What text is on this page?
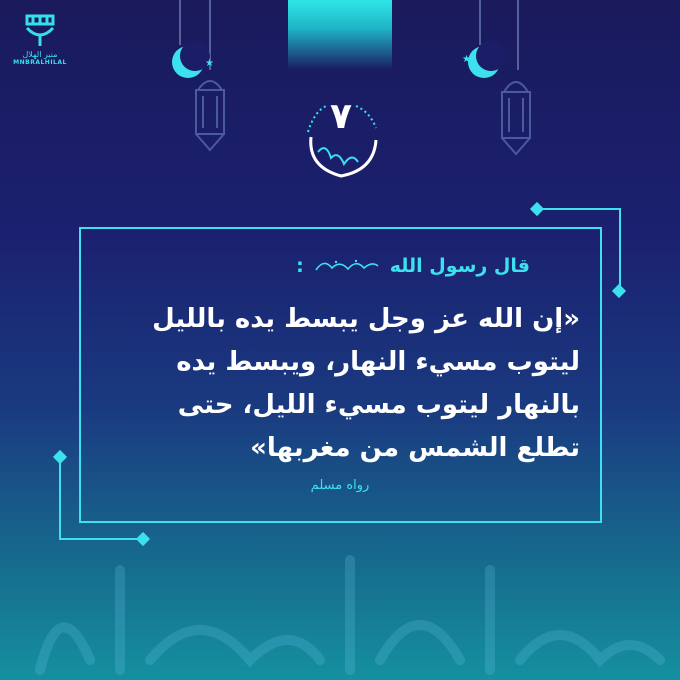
منبر الهلال
MNBRALHILAL	★	★
٧
قال رسول الله
:
«إن الله عز وجل يبسط يده بالليل
ليتوب مسيء النهار، ويبسط يده
بالنهار ليتوب مسيء الليل، حتى
تطلع الشمس من مغربها»
رواه مسلم
